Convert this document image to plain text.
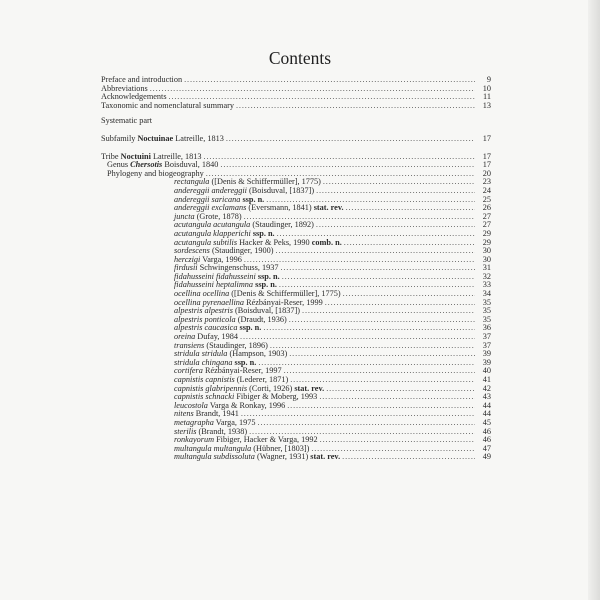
Contents
Preface and introduction . . .	9
Abbreviations . . .	10
Acknowledgements . . .	11
Taxonomic and nomenclatural summary . . .	13
Systematic part
Subfamily Noctuinae Latreille, 1813 . . .	17
Tribe Noctuini Latreille, 1813 . . .	17
Genus Chersotis Boisduval, 1840 . . .	17
Phylogeny and biogeography . . .	20
rectangula ([Denis & Schiffermüller], 1775) . . .	23
andereggii andereggii (Boisduval, [1837]) . . .	24
andereggii saricana ssp. n. . . .	25
andereggii exclamans (Eversmann, 1841) stat. rev. . . .	26
juncta (Grote, 1878) . . .	27
acutangula acutangula (Staudinger, 1892) . . .	27
acutangula klapperichi ssp. n. . . .	29
acutangula subtilis Hacker & Peks, 1990 comb. n. . . .	29
sordescens (Staudinger, 1900) . . .	30
herczigi Varga, 1996 . . .	30
firdusii Schwingenschuss, 1937 . . .	31
fidahusseini fidahusseini ssp. n. . . .	32
fidahusseini heptalimna ssp. n. . . .	33
ocellina ocellina ([Denis & Schiffermüller], 1775) . . .	34
ocellina pyrenaellina Rézbányai-Reser, 1999 . . .	35
alpestris alpestris (Boisduval, [1837]) . . .	35
alpestris ponticola (Draudt, 1936) . . .	35
alpestris caucasica ssp. n. . . .	36
oreina Dufay, 1984 . . .	37
transiens (Staudinger, 1896) . . .	37
stridula stridula (Hampson, 1903) . . .	39
stridula chingana ssp. n. . . .	39
cortifera Rézbányai-Reser, 1997 . . .	40
capnistis capnistis (Lederer, 1871) . . .	41
capnistis glabripennis (Corti, 1926) stat. rev. . . .	42
capnistis schnacki Fibiger & Moberg, 1993 . . .	43
leucostola Varga & Ronkay, 1996 . . .	44
nitens Brandt, 1941 . . .	44
metagrapha Varga, 1975 . . .	45
sterilis (Brandt, 1938) . . .	46
ronkayorum Fibiger, Hacker & Varga, 1992 . . .	46
multangula multangula (Hübner, [1803]) . . .	47
multangula subdissoluta (Wagner, 1931) stat. rev. . . .	49
